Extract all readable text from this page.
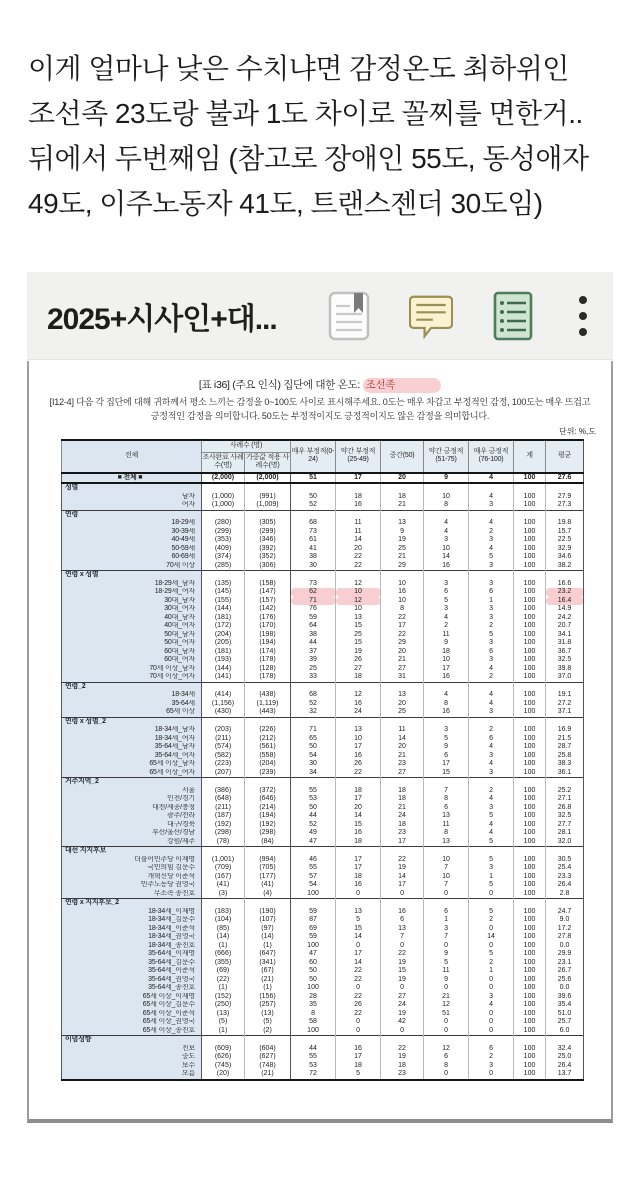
이게 얼마나 낮은 수치냐면 감정온도 최하위인 조선족 23도랑 불과 1도 차이로 꼴찌를 면한거.. 뒤에서 두번째임 (참고로 장애인 55도, 동성애자 49도, 이주노동자 41도, 트랜스젠더 30도임)
2025+시사인+대...
[표 i36] (주요 인식) 집단에 대한 온도: 조선족
[I12-4] 다음 각 집단에 대해 귀하께서 평소 느끼는 감정을 0~100도 사이로 표시해주세요. 0도는 매우 차갑고 부정적인 감정, 100도는 매우 뜨겁고 긍정적인 감정을 의미합니다. 50도는 부정적이지도 긍정적이지도 않은 감정을 의미합니다.
단위: %,도
전체	사례수 (명)		매우 부정적(0-24)	약간 부정적(25-49)	중간(50)	약간 긍정적(51-75)	매우 긍정적(76-100)	계	평균
	조사완료 사례수(명)	가중값 적용 사례수(명)							
■ 전체 ■	(2,000)	(2,000)	51	17	20	9	4	100	27.6
성별									
남자	(1,000)	(991)	50	18	18	10	4	100	27.9
여자	(1,000)	(1,009)	52	16	21	8	3	100	27.3
연령									
18-29세	(280)	(305)	68	11	13	4	4	100	19.8
30-39세	(299)	(299)	73	11	9	4	2	100	15.7
40-49세	(353)	(346)	61	14	19	3	3	100	22.5
50-59세	(409)	(392)	41	20	25	10	4	100	32.9
60-69세	(374)	(352)	38	22	21	14	5	100	34.6
70세 이상	(285)	(306)	30	22	29	16	3	100	38.2
연령 x 성별									
18-29세_남자	(135)	(158)	73	12	10	3	3	100	16.6
18-29세_여자	(145)	(147)	62	10	16	6	6	100	23.2
30대_남자	(155)	(157)	71	12	10	5	1	100	16.4
30대_여자	(144)	(142)	76	10	8	3	3	100	14.9
40대_남자	(181)	(176)	59	13	22	4	3	100	24.2
40대_여자	(172)	(170)	64	15	17	2	2	100	20.7
50대_남자	(204)	(198)	38	25	22	11	5	100	34.1
50대_여자	(205)	(194)	44	15	29	9	3	100	31.8
60대_남자	(181)	(174)	37	19	20	18	6	100	36.7
60대_여자	(193)	(178)	39	26	21	10	3	100	32.5
70세 이상_남자	(144)	(128)	25	27	27	17	4	100	39.8
70세 이상_여자	(141)	(178)	33	18	31	16	2	100	37.0
연령_2									
18-34세	(414)	(438)	68	12	13	4	4	100	19.1
35-64세	(1,156)	(1,119)	52	16	20	8	4	100	27.2
65세 이상	(430)	(443)	32	24	25	16	3	100	37.1
연령 x 성별_2									
18-34세_남자	(203)	(226)	71	13	11	3	2	100	16.9
18-34세_여자	(211)	(212)	65	10	14	5	6	100	21.5
35-64세_남자	(574)	(561)	50	17	20	9	4	100	28.7
35-64세_여자	(582)	(558)	54	16	21	6	3	100	25.8
65세 이상_남자	(223)	(204)	30	26	23	17	4	100	38.3
65세 이상_여자	(207)	(239)	34	22	27	15	3	100	36.1
거주지역_2									
서울	(386)	(372)	55	18	18	7	2	100	25.2
인천/경기	(648)	(646)	53	17	18	8	4	100	27.1
대전/세종/충청	(211)	(214)	50	20	21	6	3	100	26.8
광주/전라	(187)	(194)	44	14	24	13	5	100	32.5
대구/경북	(192)	(192)	52	15	18	11	4	100	27.7
부산/울산/경남	(298)	(298)	49	16	23	8	4	100	28.1
강원/제주	(78)	(84)	47	18	17	13	5	100	32.0
대선 지지후보									
더불어민주당 이재명	(1,001)	(994)	46	17	22	10	5	100	30.5
국민의힘 김문수	(709)	(705)	55	17	19	7	3	100	25.4
개혁신당 이준석	(167)	(177)	57	18	14	10	1	100	23.3
민주노동당 권영국	(41)	(41)	54	16	17	7	5	100	26.4
무소속 송진호	(3)	(4)	100	0	0	0	0	100	2.8
연령 x 지지후보_2									
18-34세_이재명	(183)	(190)	59	13	16	6	5	100	24.7
18-34세_김문수	(104)	(107)	87	5	6	1	2	100	9.0
18-34세_이준석	(85)	(97)	69	15	13	3	0	100	17.2
18-34세_권영국	(14)	(14)	59	14	7	7	14	100	27.8
18-34세_송진호	(1)	(1)	100	0	0	0	0	100	0.0
35-64세_이재명	(666)	(647)	47	17	22	9	5	100	29.9
35-64세_김문수	(355)	(341)	60	14	19	5	2	100	23.1
35-64세_이준석	(69)	(67)	50	22	15	11	1	100	26.7
35-64세_권영국	(22)	(21)	50	22	19	9	0	100	25.6
35-64세_송진호	(1)	(1)	100	0	0	0	0	100	0.0
65세 이상_이재명	(152)	(156)	28	22	27	21	3	100	39.6
65세 이상_김문수	(250)	(257)	35	26	24	12	4	100	35.4
65세 이상_이준석	(13)	(13)	8	22	19	51	0	100	51.0
65세 이상_권영국	(5)	(5)	58	0	42	0	0	100	25.7
65세 이상_송진호	(1)	(2)	100	0	0	0	0	100	6.0
이념성향									
진보	(609)	(604)	44	16	22	12	6	100	32.4
중도	(626)	(627)	55	17	19	6	2	100	25.0
보수	(745)	(748)	53	18	18	8	3	100	26.4
모름	(20)	(21)	72	5	23	0	0	100	13.7
